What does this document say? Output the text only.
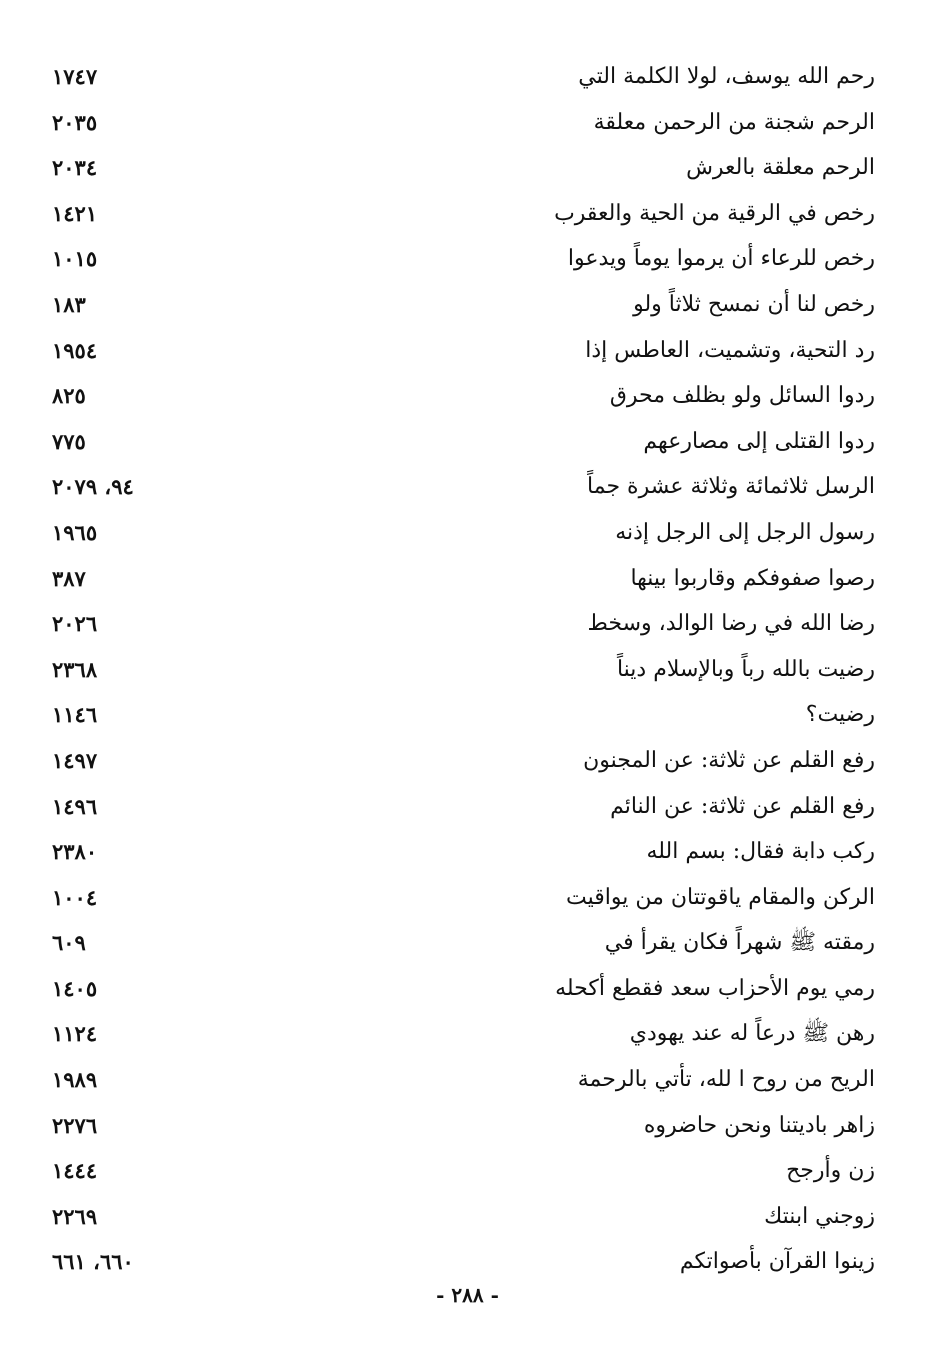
رحم الله يوسف، لولا الكلمة التي
١٧٤٧
الرحم شجنة من الرحمن معلقة
٢٠٣٥
الرحم معلقة بالعرش
٢٠٣٤
رخص في الرقية من الحية والعقرب
١٤٢١
رخص للرعاء أن يرموا يوماً ويدعوا
١٠١٥
رخص لنا أن نمسح ثلاثاً ولو
١٨٣
رد التحية، وتشميت، العاطس إذا
١٩٥٤
ردوا السائل ولو بظلف محرق
٨٢٥
ردوا القتلى إلى مصارعهم
٧٧٥
الرسل ثلاثمائة وثلاثة عشرة جماً
٩٤، ٢٠٧٩
رسول الرجل إلى الرجل إذنه
١٩٦٥
رصوا صفوفكم وقاربوا بينها
٣٨٧
رضا الله في رضا الوالد، وسخط
٢٠٢٦
رضيت بالله رباً وبالإسلام ديناً
٢٣٦٨
رضيت؟
١١٤٦
رفع القلم عن ثلاثة: عن المجنون
١٤٩٧
رفع القلم عن ثلاثة: عن النائم
١٤٩٦
ركب دابة فقال: بسم الله
٢٣٨٠
الركن والمقام ياقوتتان من يواقيت
١٠٠٤
رمقته ﷺ شهراً فكان يقرأ في
٦٠٩
رمي يوم الأحزاب سعد فقطع أكحله
١٤٠٥
رهن ﷺ درعاً له عند يهودي
١١٢٤
الريح من روح ا لله، تأتي بالرحمة
١٩٨٩
زاهر باديتنا ونحن حاضروه
٢٢٧٦
زن وأرجح
١٤٤٤
زوجني ابنتك
٢٢٦٩
زينوا القرآن بأصواتكم
٦٦٠، ٦٦١
- ٢٨٨ -
